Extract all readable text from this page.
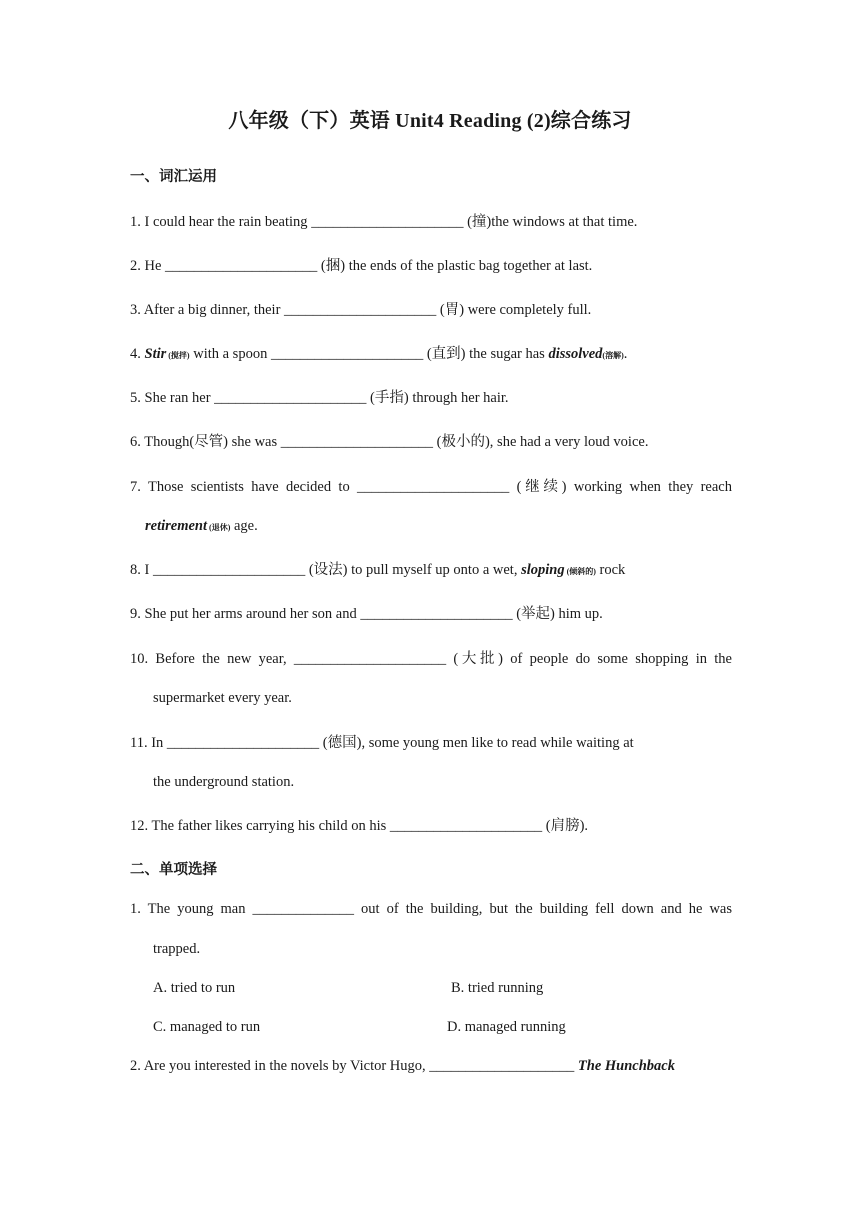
八年级（下）英语 Unit4 Reading (2)综合练习
一、词汇运用
1. I could hear the rain beating _____________________ (撞)the windows at that time.
2. He _____________________ (捆) the ends of the plastic bag together at last.
3. After a big dinner, their _____________________ (胃) were completely full.
4. Stir (搅拌) with a spoon _____________________ (直到) the sugar has dissolved(溶解).
5. She ran her _____________________ (手指) through her hair.
6. Though(尽管) she was _____________________ (极小的), she had a very loud voice.
7. Those scientists have decided to _____________________ (继续) working when they reach
retirement (退休) age.
8. I _____________________ (设法) to pull myself up onto a wet, sloping (倾斜的) rock
9. She put her arms around her son and _____________________ (举起) him up.
10. Before the new year, _____________________ (大批) of people do some shopping in the
supermarket every year.
11. In _____________________ (德国), some young men like to read while waiting at
the underground station.
12. The father likes carrying his child on his _____________________ (肩膀).
二、单项选择
1. The young man ______________ out of the building, but the building fell down and he was
trapped.
A. tried to run	B. tried running
C. managed to run	D. managed running
2. Are you interested in the novels by Victor Hugo, ____________________ The Hunchback
